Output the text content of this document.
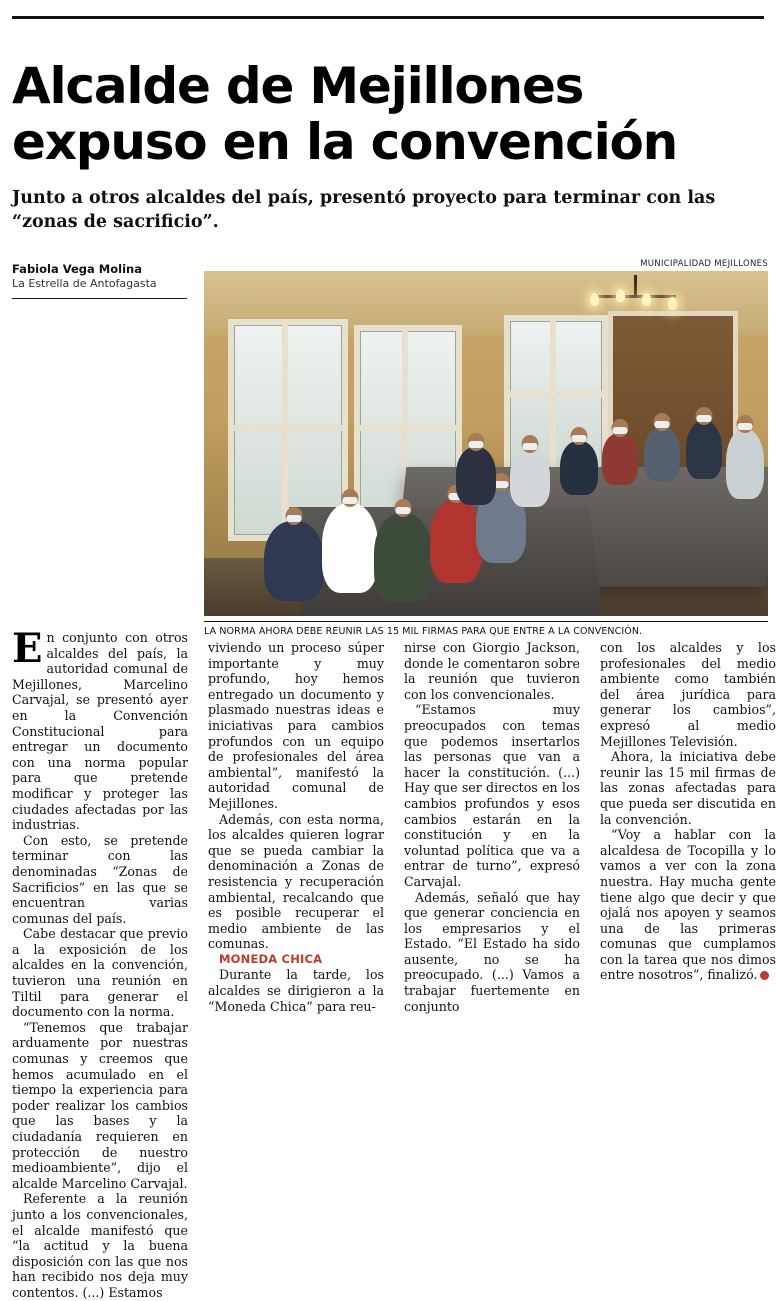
Alcalde de Mejillones
expuso en la convención
Junto a otros alcaldes del país, presentó proyecto para terminar con las “zonas de sacrificio”.
Fabiola Vega Molina
La Estrella de Antofagasta
MUNICIPALIDAD MEJILLONES
LA NORMA AHORA DEBE REUNIR LAS 15 MIL FIRMAS PARA QUE ENTRE A LA CONVENCIÓN.

En conjunto con otros alcaldes del país, la autoridad comunal de Mejillones, Marcelino Carvajal, se presentó ayer en la Convención Constitucional para entregar un documento con una norma popular para que pretende modificar y proteger las ciudades afectadas por las industrias.

Con esto, se pretende terminar con las denominadas “Zonas de Sacrificios” en las que se encuentran varias comunas del país.

Cabe destacar que previo a la exposición de los alcaldes en la convención, tuvieron una reunión en Tiltil para generar el documento con la norma.

“Tenemos que trabajar arduamente por nuestras comunas y creemos que hemos acumulado en el tiempo la experiencia para poder realizar los cambios que las bases y la ciudadanía requieren en protección de nuestro medioambiente”, dijo el alcalde Marcelino Carvajal.

Referente a la reunión junto a los convencionales, el alcalde manifestó que “la actitud y la buena disposición con las que nos han recibido nos deja muy contentos. (...) Estamos

viviendo un proceso súper importante y muy profundo, hoy hemos entregado un documento y plasmado nuestras ideas e iniciativas para cambios profundos con un equipo de profesionales del área ambiental”, manifestó la autoridad comunal de Mejillones.

Además, con esta norma, los alcaldes quieren lograr que se pueda cambiar la denominación a Zonas de resistencia y recuperación ambiental, recalcando que es posible recuperar el medio ambiente de las comunas.

MONEDA CHICA

Durante la tarde, los alcaldes se dirigieron a la “Moneda Chica” para reu-

nirse con Giorgio Jackson, donde le comentaron sobre la reunión que tuvieron con los convencionales.

“Estamos muy preocupados con temas que podemos insertarlos las personas que van a hacer la constitución. (...) Hay que ser directos en los cambios profundos y esos cambios estarán en la constitución y en la voluntad política que va a entrar de turno”, expresó Carvajal.

Además, señaló que hay que generar conciencia en los empresarios y el Estado. “El Estado ha sido ausente, no se ha preocupado. (...) Vamos a trabajar fuertemente en conjunto

con los alcaldes y los profesionales del medio ambiente como también del área jurídica para generar los cambios”, expresó al medio Mejillones Televisión.

Ahora, la iniciativa debe reunir las 15 mil firmas de las zonas afectadas para que pueda ser discutida en la convención.

“Voy a hablar con la alcaldesa de Tocopilla y lo vamos a ver con la zona nuestra. Hay mucha gente tiene algo que decir y que ojalá nos apoyen y seamos una de las primeras comunas que cumplamos con la tarea que nos dimos entre nosotros”, finalizó.
